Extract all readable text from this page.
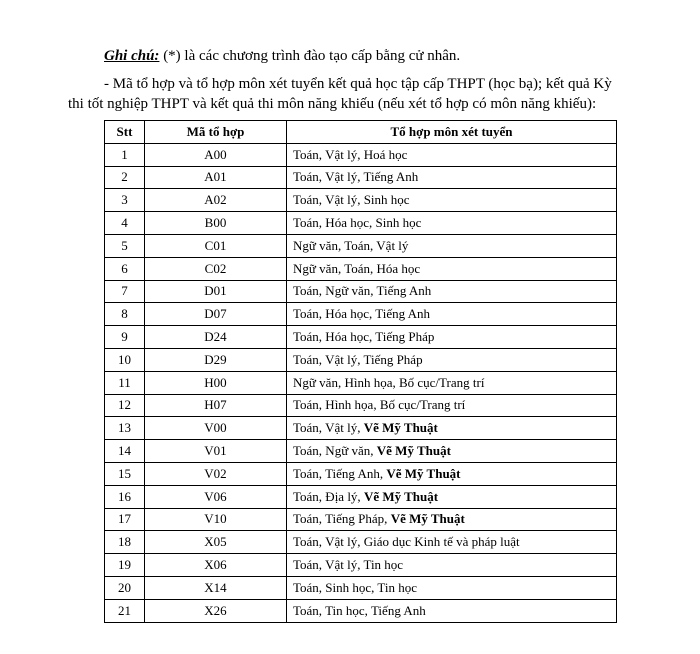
Ghi chú: (*) là các chương trình đào tạo cấp bằng cử nhân.
- Mã tổ hợp và tổ hợp môn xét tuyển kết quả học tập cấp THPT (học bạ); kết quả Kỳ
thi tốt nghiệp THPT và kết quả thi môn năng khiếu (nếu xét tổ hợp có môn năng khiếu):
Stt	Mã tổ hợp	Tổ hợp môn xét tuyển
1	A00	Toán, Vật lý, Hoá học
2	A01	Toán, Vật lý, Tiếng Anh
3	A02	Toán, Vật lý, Sinh học
4	B00	Toán, Hóa học, Sinh học
5	C01	Ngữ văn, Toán, Vật lý
6	C02	Ngữ văn, Toán, Hóa học
7	D01	Toán, Ngữ văn, Tiếng Anh
8	D07	Toán, Hóa học, Tiếng Anh
9	D24	Toán, Hóa học, Tiếng Pháp
10	D29	Toán, Vật lý, Tiếng Pháp
11	H00	Ngữ văn, Hình họa, Bố cục/Trang trí
12	H07	Toán, Hình họa, Bố cục/Trang trí
13	V00	Toán, Vật lý, Vẽ Mỹ Thuật
14	V01	Toán, Ngữ văn, Vẽ Mỹ Thuật
15	V02	Toán, Tiếng Anh, Vẽ Mỹ Thuật
16	V06	Toán, Địa lý, Vẽ Mỹ Thuật
17	V10	Toán, Tiếng Pháp, Vẽ Mỹ Thuật
18	X05	Toán, Vật lý, Giáo dục Kinh tế và pháp luật
19	X06	Toán, Vật lý, Tin học
20	X14	Toán, Sinh học, Tin học
21	X26	Toán, Tin học, Tiếng Anh
